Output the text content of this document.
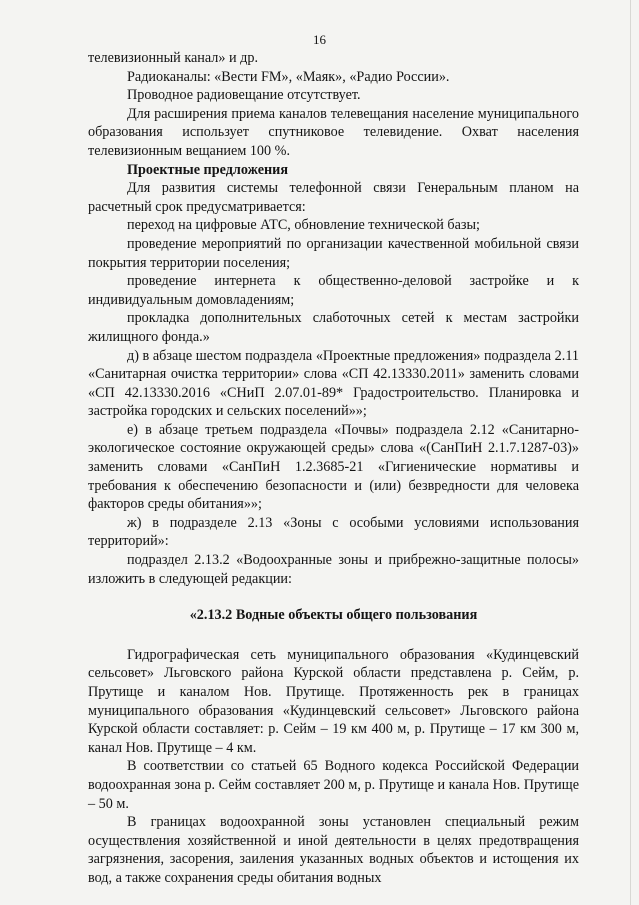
16

телевизионный канал» и др.

Радиоканалы: «Вести FM», «Маяк», «Радио России».

Проводное радиовещание отсутствует.

Для расширения приема каналов телевещания население муниципального образования использует спутниковое телевидение. Охват населения телевизионным вещанием 100 %.

Проектные предложения

Для развития системы телефонной связи Генеральным планом на расчетный срок предусматривается:

переход на цифровые АТС, обновление технической базы;

проведение мероприятий по организации качественной мобильной связи покрытия территории поселения;

проведение интернета к общественно-деловой застройке и к индивидуальным домовладениям;

прокладка дополнительных слаботочных сетей к местам застройки жилищного фонда.»

д) в абзаце шестом подраздела «Проектные предложения» подраздела 2.11 «Санитарная очистка территории» слова «СП 42.13330.2011» заменить словами «СП 42.13330.2016 «СНиП 2.07.01-89* Градостроительство. Планировка и застройка городских и сельских поселений»»;

е) в абзаце третьем подраздела «Почвы» подраздела 2.12 «Санитарно-экологическое состояние окружающей среды» слова «(СанПиН 2.1.7.1287-03)» заменить словами «СанПиН 1.2.3685-21 «Гигиенические нормативы и требования к обеспечению безопасности и (или) безвредности для человека факторов среды обитания»»;

ж) в подразделе 2.13 «Зоны с особыми условиями использования территорий»:

подраздел 2.13.2 «Водоохранные зоны и прибрежно-защитные полосы» изложить в следующей редакции:

«2.13.2 Водные объекты общего пользования

Гидрографическая сеть муниципального образования «Кудинцевский сельсовет» Льговского района Курской области представлена р. Сейм, р. Прутище и каналом Нов. Прутище. Протяженность рек в границах муниципального образования «Кудинцевский сельсовет» Льговского района Курской области составляет: р. Сейм – 19 км 400 м, р. Прутище – 17 км 300 м, канал Нов. Прутище – 4 км.

В соответствии со статьей 65 Водного кодекса Российской Федерации водоохранная зона р. Сейм составляет 200 м, р. Прутище и канала Нов. Прутище – 50 м.

В границах водоохранной зоны установлен специальный режим осуществления хозяйственной и иной деятельности в целях предотвращения загрязнения, засорения, заиления указанных водных объектов и истощения их вод, а также сохранения среды обитания водных
